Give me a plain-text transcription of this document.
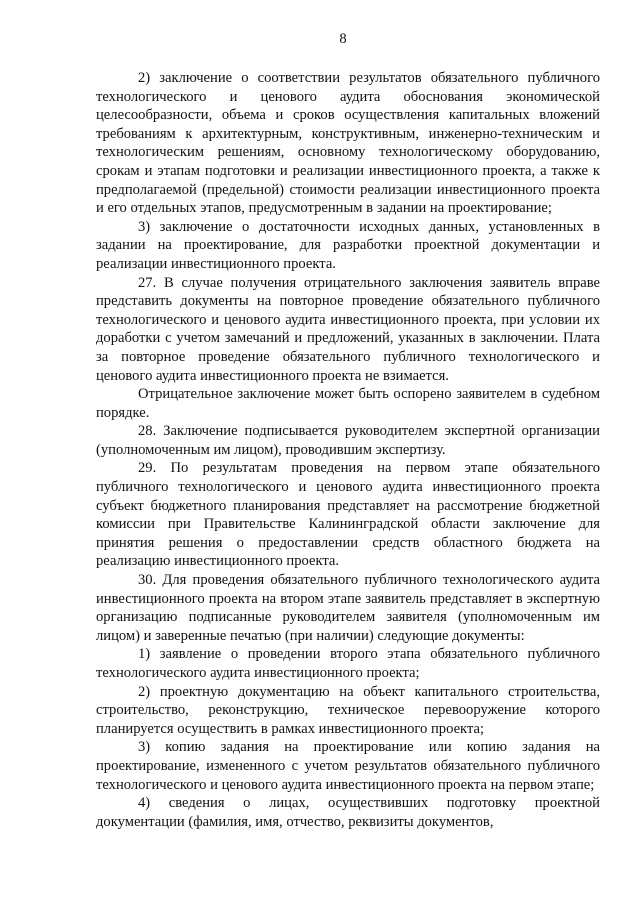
8

2) заключение о соответствии результатов обязательного публичного технологического и ценового аудита обоснования экономической целесообразности, объема и сроков осуществления капитальных вложений требованиям к архитектурным, конструктивным, инженерно-техническим и технологическим решениям, основному технологическому оборудованию, срокам и этапам подготовки и реализации инвестиционного проекта, а также к предполагаемой (предельной) стоимости реализации инвестиционного проекта и его отдельных этапов, предусмотренным в задании на проектирование;

3) заключение о достаточности исходных данных, установленных в задании на проектирование, для разработки проектной документации и реализации инвестиционного проекта.

27. В случае получения отрицательного заключения заявитель вправе представить документы на повторное проведение обязательного публичного технологического и ценового аудита инвестиционного проекта, при условии их доработки с учетом замечаний и предложений, указанных в заключении. Плата за повторное проведение обязательного публичного технологического и ценового аудита инвестиционного проекта не взимается.

Отрицательное заключение может быть оспорено заявителем в судебном порядке.

28. Заключение подписывается руководителем экспертной организации (уполномоченным им лицом), проводившим экспертизу.

29. По результатам проведения на первом этапе обязательного публичного технологического и ценового аудита инвестиционного проекта субъект бюджетного планирования представляет на рассмотрение бюджетной комиссии при Правительстве Калининградской области заключение для принятия решения о предоставлении средств областного бюджета на реализацию инвестиционного проекта.

30. Для проведения обязательного публичного технологического аудита инвестиционного проекта на втором этапе заявитель представляет в экспертную организацию подписанные руководителем заявителя (уполномоченным им лицом) и заверенные печатью (при наличии) следующие документы:

1) заявление о проведении второго этапа обязательного публичного технологического аудита инвестиционного проекта;

2) проектную документацию на объект капитального строительства, строительство, реконструкцию, техническое перевооружение которого планируется осуществить в рамках инвестиционного проекта;

3) копию задания на проектирование или копию задания на проектирование, измененного с учетом результатов обязательного публичного технологического и ценового аудита инвестиционного проекта на первом этапе;

4) сведения о лицах, осуществивших подготовку проектной документации (фамилия, имя, отчество, реквизиты документов,
